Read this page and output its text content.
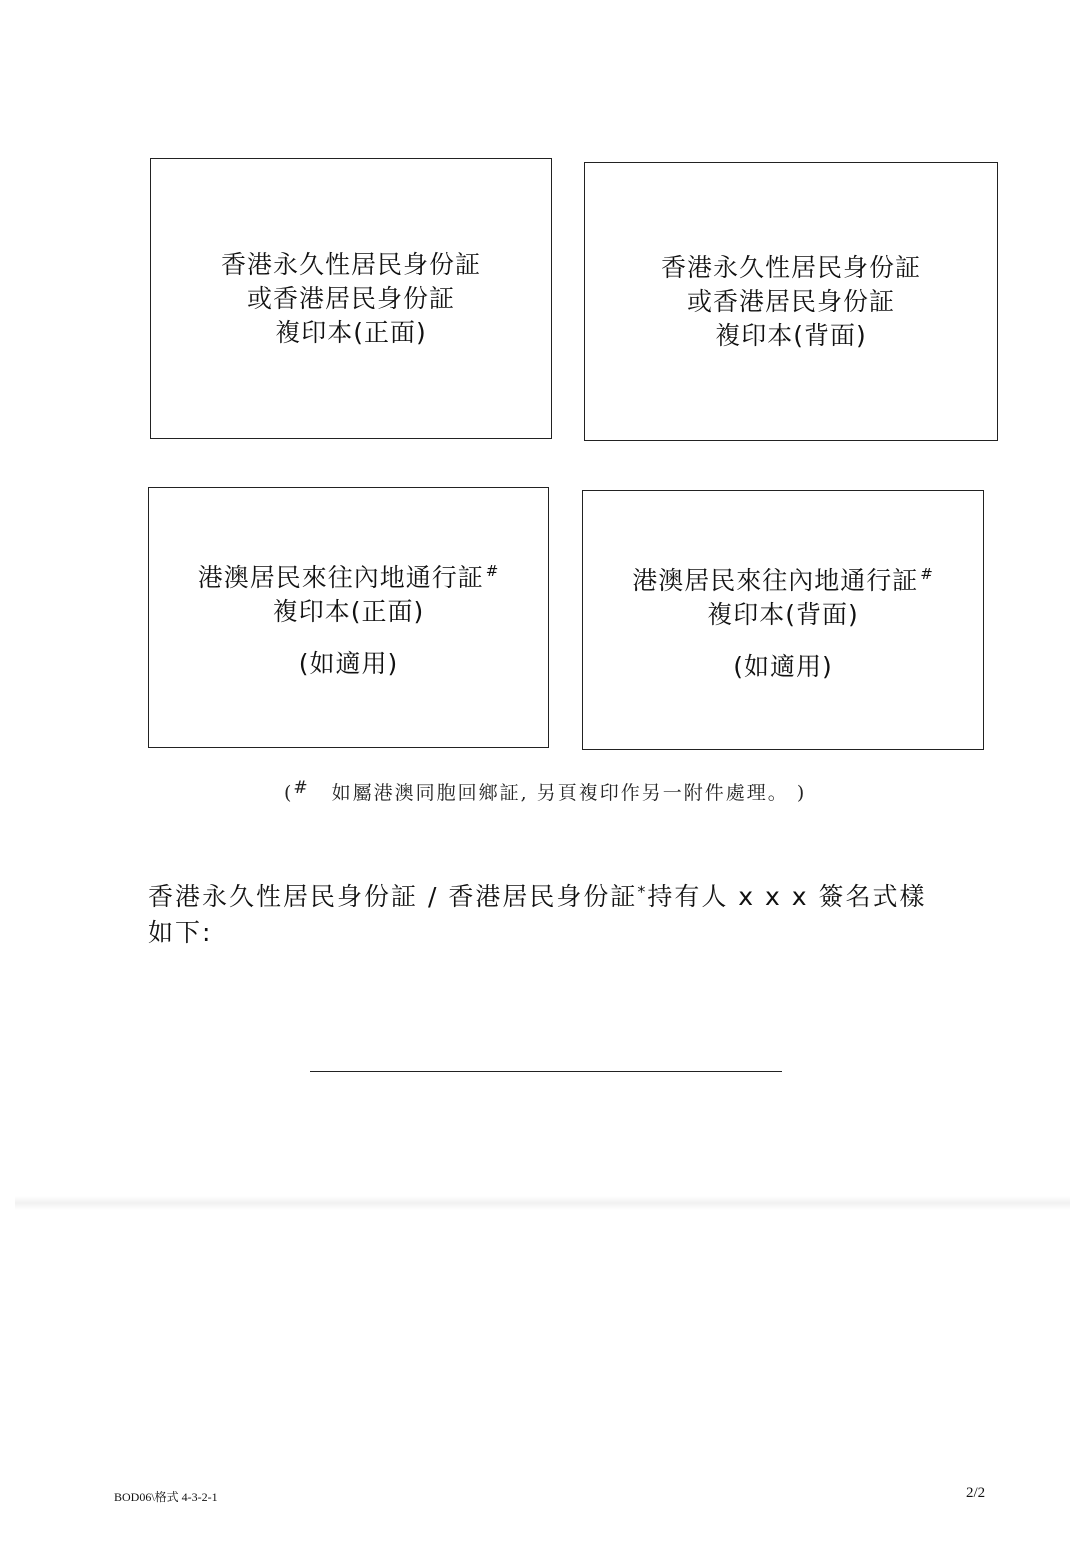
香港永久性居民身份証
或香港居民身份証
複印本(正面)
香港永久性居民身份証
或香港居民身份証
複印本(背面)
港澳居民來往內地通行証 #
複印本(正面)
(如適用)
港澳居民來往內地通行証 #
複印本(背面)
(如適用)
(# 如屬港澳同胞回鄉証, 另頁複印作另一附件處理。 )
香港永久性居民身份証 / 香港居民身份証*持有人 x x x 簽名式樣
如下:
BOD06\格式 4-3-2-1	2/2
